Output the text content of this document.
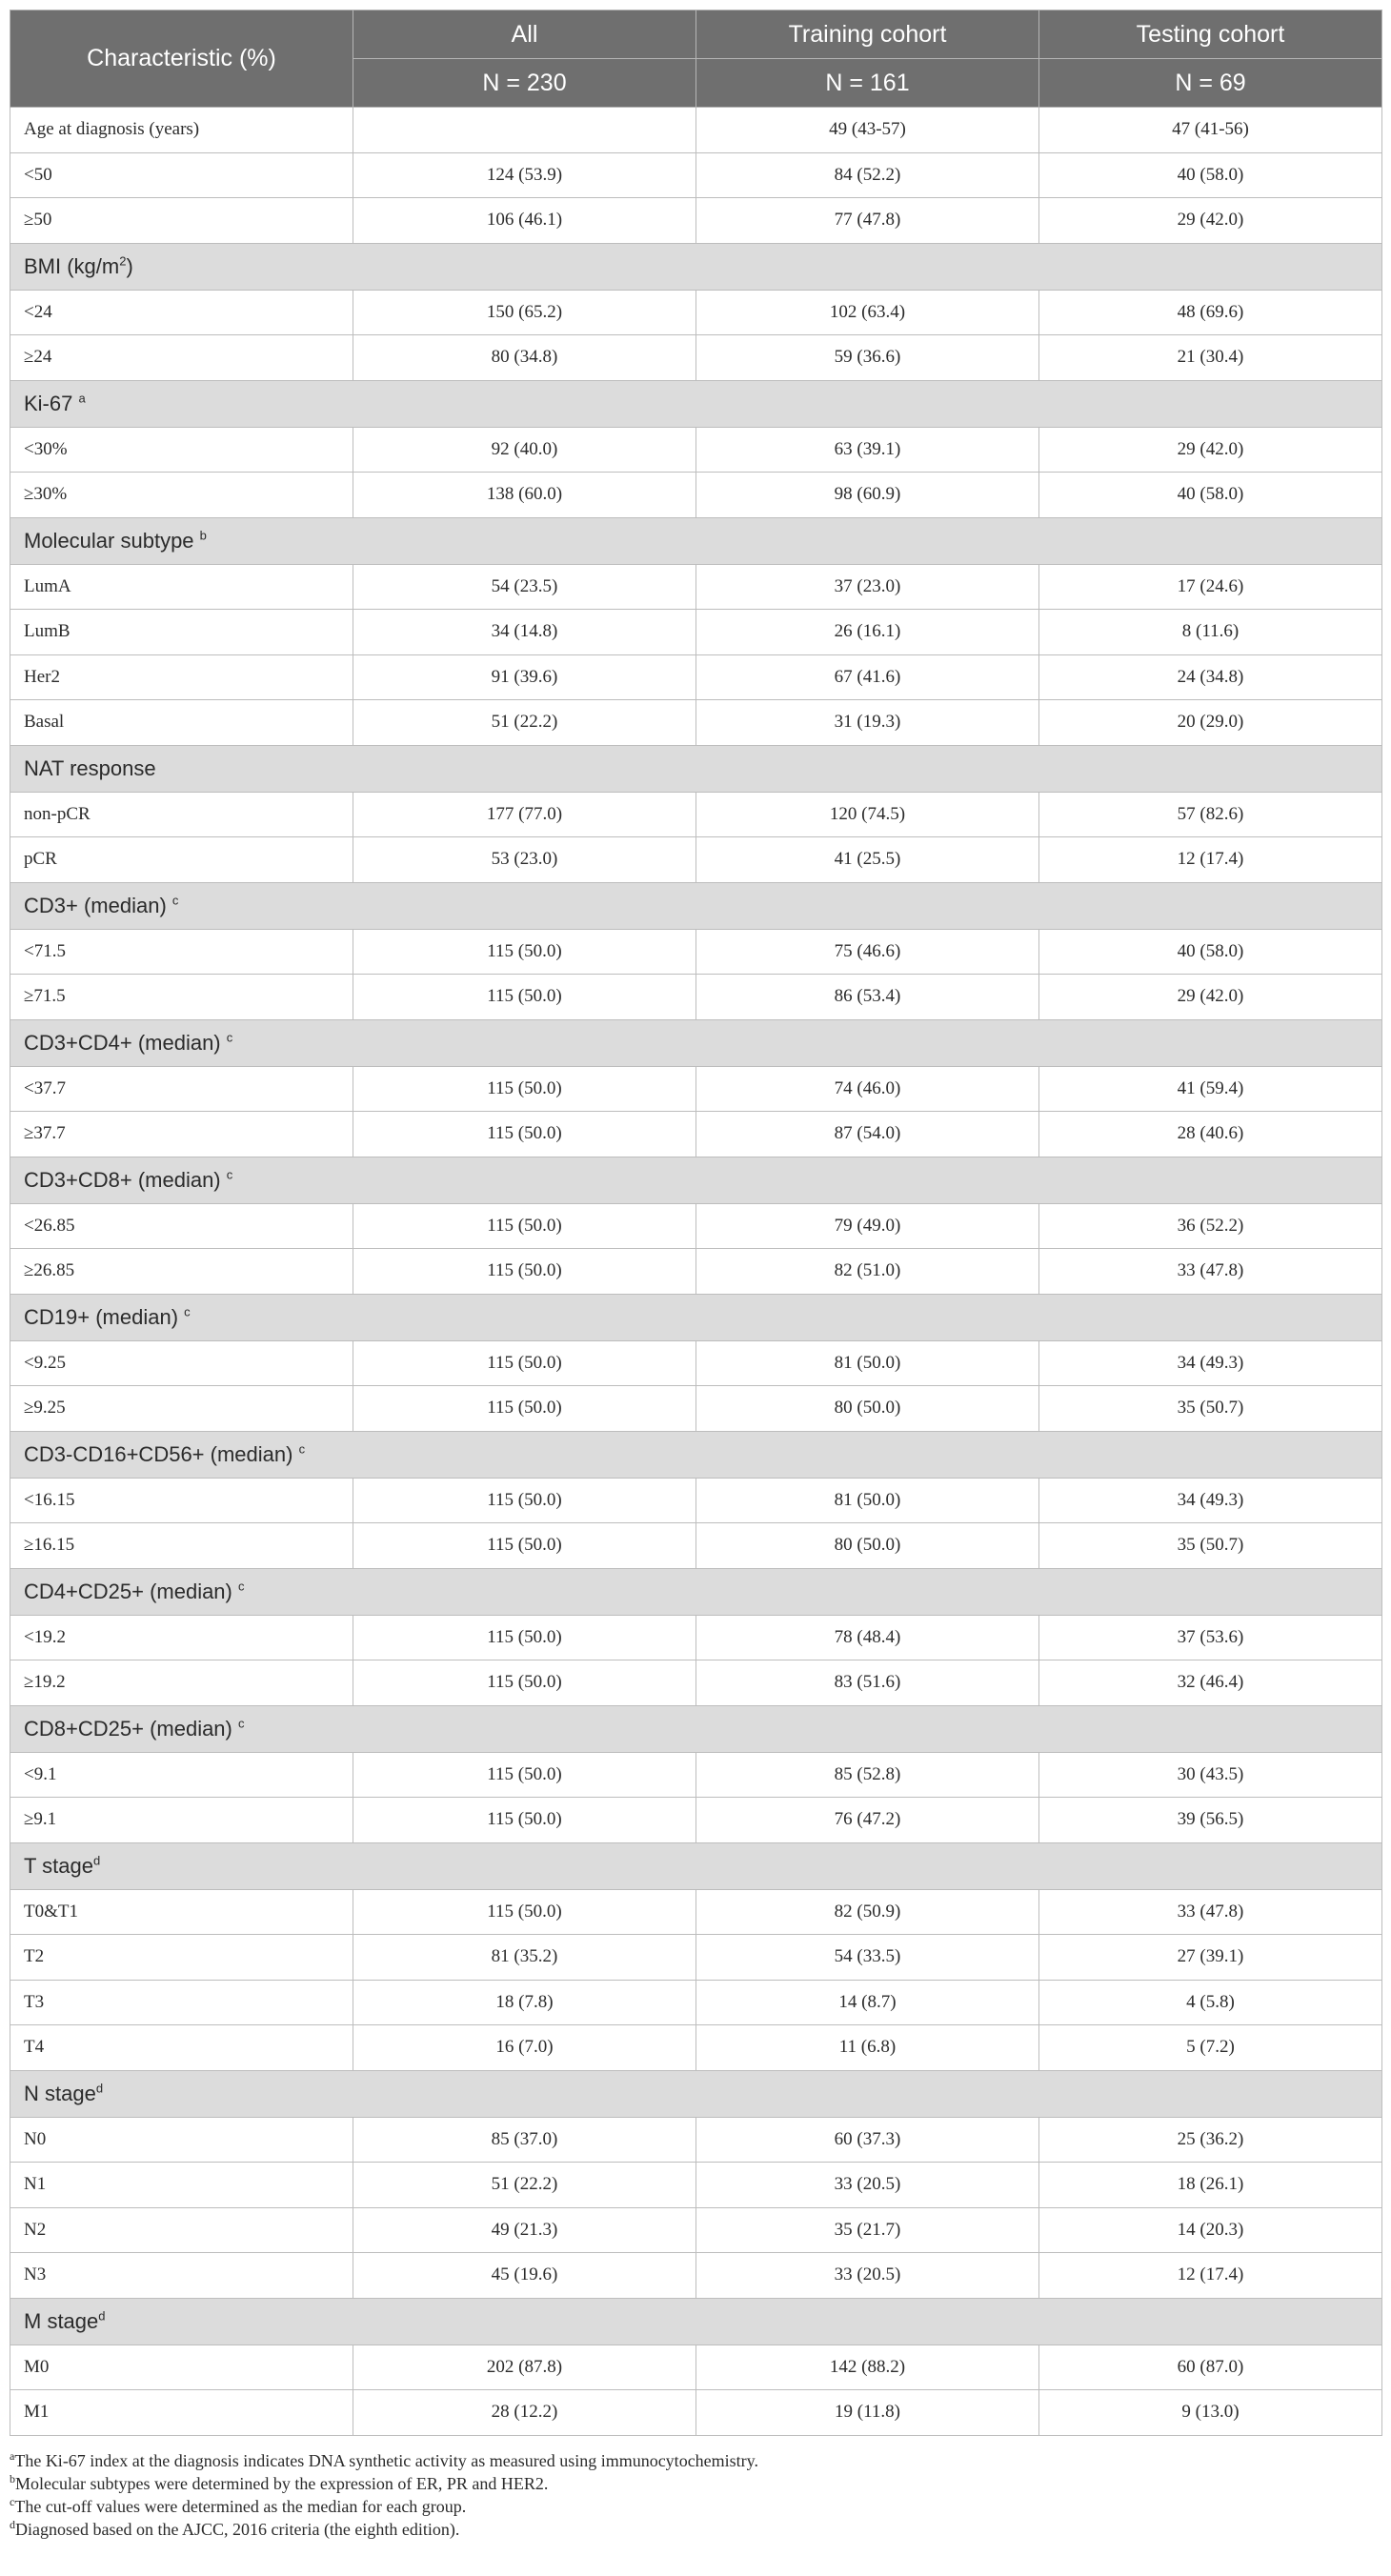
Characteristic (%)	All	Training cohort	Testing cohort
	N = 230	N = 161	N = 69
Age at diagnosis (years)		49 (43-57)	47 (41-56)
<50	124 (53.9)	84 (52.2)	40 (58.0)
≥50	106 (46.1)	77 (47.8)	29 (42.0)
BMI $(kg/m^2)$			
<24	150 (65.2)	102 (63.4)	48 (69.6)
≥24	80 (34.8)	59 (36.6)	21 (30.4)
Ki-67 $^a$
<30%	92 (40.0)	63 (39.1)	29 (42.0)
≥30%	138 (60.0)	98 (60.9)	40 (58.0)
Molecular subtype $^b$
LumA	54 (23.5)	37 (23.0)	17 (24.6)
LumB	34 (14.8)	26 (16.1)	8 (11.6)
Her2	91 (39.6)	67 (41.6)	24 (34.8)
Basal	51 (22.2)	31 (19.3)	20 (29.0)
NAT response			
non-pCR	177 (77.0)	120 (74.5)	57 (82.6)
pCR	53 (23.0)	41 (25.5)	12 (17.4)
CD3+ (median) $^c$
<71.5	115 (50.0)	75 (46.6)	40 (58.0)
≥71.5	115 (50.0)	86 (53.4)	29 (42.0)
CD3+CD4+ (median) $^c$
<37.7	115 (50.0)	74 (46.0)	41 (59.4)
≥37.7	115 (50.0)	87 (54.0)	28 (40.6)
CD3+CD8+ (median) $^c$
<26.85	115 (50.0)	79 (49.0)	36 (52.2)
≥26.85	115 (50.0)	82 (51.0)	33 (47.8)
CD19+ (median) $^c$
<9.25	115 (50.0)	81 (50.0)	34 (49.3)
≥9.25	115 (50.0)	80 (50.0)	35 (50.7)
CD3-CD16+CD56+ (median) $^c$
<16.15	115 (50.0)	81 (50.0)	34 (49.3)
≥16.15	115 (50.0)	80 (50.0)	35 (50.7)
CD4+CD25+ (median) $^c$
<19.2	115 (50.0)	78 (48.4)	37 (53.6)
≥19.2	115 (50.0)	83 (51.6)	32 (46.4)
CD8+CD25+ (median) $^c$
<9.1	115 (50.0)	85 (52.8)	30 (43.5)
≥9.1	115 (50.0)	76 (47.2)	39 (56.5)
T stage$^d$
T0&T1	115 (50.0)	82 (50.9)	33 (47.8)
T2	81 (35.2)	54 (33.5)	27 (39.1)
T3	18 (7.8)	14 (8.7)	4 (5.8)
T4	16 (7.0)	11 (6.8)	5 (7.2)
N stage$^d$
N0	85 (37.0)	60 (37.3)	25 (36.2)
N1	51 (22.2)	33 (20.5)	18 (26.1)
N2	49 (21.3)	35 (21.7)	14 (20.3)
N3	45 (19.6)	33 (20.5)	12 (17.4)
M stage$^d$
M0	202 (87.8)	142 (88.2)	60 (87.0)
M1	28 (12.2)	19 (11.8)	9 (13.0)
$^a$The Ki-67 index at the diagnosis indicates DNA synthetic activity as measured using immunocytochemistry.
$^b$Molecular subtypes were determined by the expression of ER, PR and HER2.
$^c$The cut-off values were determined as the median for each group.
$^d$Diagnosed based on the AJCC, 2016 criteria (the eighth edition).
